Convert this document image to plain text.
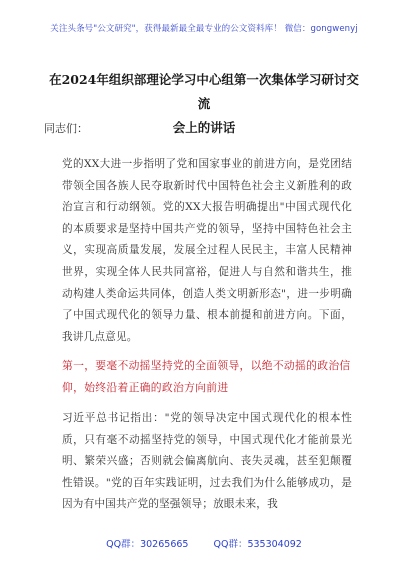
关注头条号"公文研究"，获得最新最全最专业的公文资料库！ 微信：gongwenyj
在2024年组织部理论学习中心组第一次集体学习研讨交流
会上的讲话
同志们：
党的XX大进一步指明了党和国家事业的前进方向，是党团结带领全国各族人民夺取新时代中国特色社会主义新胜利的政治宣言和行动纲领。党的XX大报告明确提出"中国式现代化的本质要求是坚持中国共产党的领导，坚持中国特色社会主义，实现高质量发展，发展全过程人民民主，丰富人民精神世界，实现全体人民共同富裕，促进人与自然和谐共生，推动构建人类命运共同体，创造人类文明新形态"，进一步明确了中国式现代化的领导力量、根本前提和前进方向。下面，我讲几点意见。
第一，要毫不动摇坚持党的全面领导，以绝不动摇的政治信仰，始终沿着正确的政治方向前进
习近平总书记指出："党的领导决定中国式现代化的根本性质，只有毫不动摇坚持党的领导，中国式现代化才能前景光明、繁荣兴盛；否则就会偏离航向、丧失灵魂，甚至犯颠覆性错误。"党的百年实践证明，过去我们为什么能够成功，是因为有中国共产党的坚强领导；放眼未来，我
QQ群：30265665	QQ群：535304092
